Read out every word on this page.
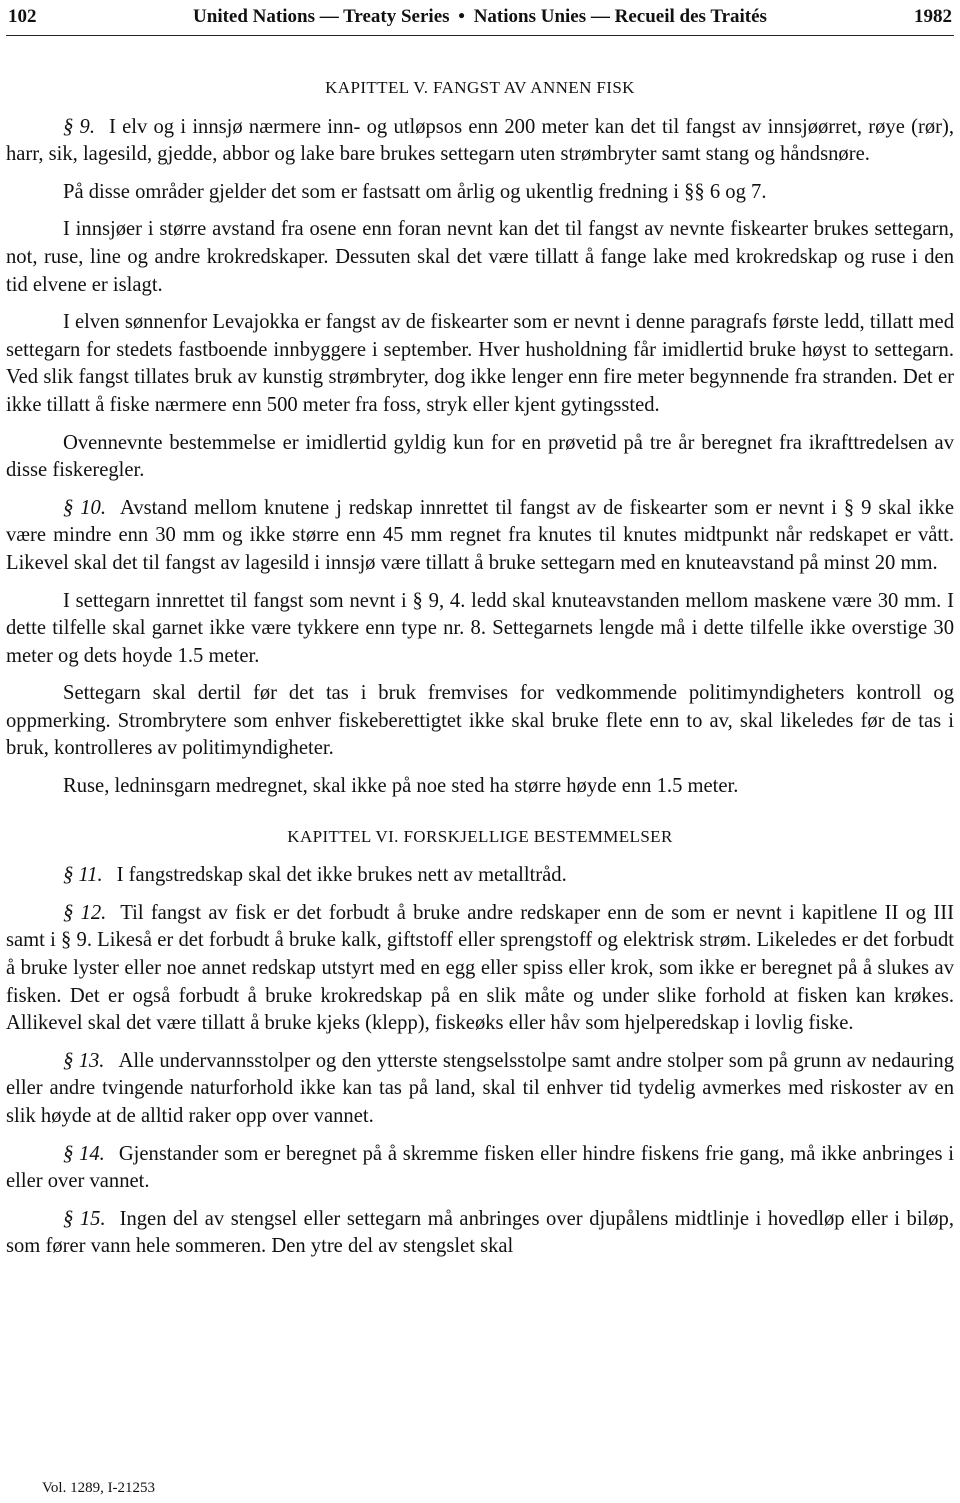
102	United Nations — Treaty Series • Nations Unies — Recueil des Traités	1982
KAPITTEL V. FANGST AV ANNEN FISK

§ 9. I elv og i innsjø nærmere inn- og utløpsos enn 200 meter kan det til fangst av innsjøørret, røye (rør), harr, sik, lagesild, gjedde, abbor og lake bare brukes settegarn uten strømbryter samt stang og håndsnøre.

På disse områder gjelder det som er fastsatt om årlig og ukentlig fredning i §§ 6 og 7.

I innsjøer i større avstand fra osene enn foran nevnt kan det til fangst av nevnte fiskearter brukes settegarn, not, ruse, line og andre krokredskaper. Dessuten skal det være tillatt å fange lake med krokredskap og ruse i den tid elvene er islagt.

I elven sønnenfor Levajokka er fangst av de fiskearter som er nevnt i denne paragrafs første ledd, tillatt med settegarn for stedets fastboende innbyggere i september. Hver husholdning får imidlertid bruke høyst to settegarn. Ved slik fangst tillates bruk av kunstig strømbryter, dog ikke lenger enn fire meter begynnende fra stranden. Det er ikke tillatt å fiske nærmere enn 500 meter fra foss, stryk eller kjent gytingssted.

Ovennevnte bestemmelse er imidlertid gyldig kun for en prøvetid på tre år beregnet fra ikrafttredelsen av disse fiskeregler.

§ 10. Avstand mellom knutene j redskap innrettet til fangst av de fiskearter som er nevnt i § 9 skal ikke være mindre enn 30 mm og ikke større enn 45 mm regnet fra knutes til knutes midtpunkt når redskapet er vått. Likevel skal det til fangst av lagesild i innsjø være tillatt å bruke settegarn med en knuteavstand på minst 20 mm.

I settegarn innrettet til fangst som nevnt i § 9, 4. ledd skal knuteavstanden mellom maskene være 30 mm. I dette tilfelle skal garnet ikke være tykkere enn type nr. 8. Settegarnets lengde må i dette tilfelle ikke overstige 30 meter og dets hoyde 1.5 meter.

Settegarn skal dertil før det tas i bruk fremvises for vedkommende politimyndigheters kontroll og oppmerking. Strombrytere som enhver fiskeberettigtet ikke skal bruke flete enn to av, skal likeledes før de tas i bruk, kontrolleres av politimyndigheter.

Ruse, ledninsgarn medregnet, skal ikke på noe sted ha større høyde enn 1.5 meter.

KAPITTEL VI. FORSKJELLIGE BESTEMMELSER

§ 11. I fangstredskap skal det ikke brukes nett av metalltråd.

§ 12. Til fangst av fisk er det forbudt å bruke andre redskaper enn de som er nevnt i kapitlene II og III samt i § 9. Likeså er det forbudt å bruke kalk, giftstoff eller sprengstoff og elektrisk strøm. Likeledes er det forbudt å bruke lyster eller noe annet redskap utstyrt med en egg eller spiss eller krok, som ikke er beregnet på å slukes av fisken. Det er også forbudt å bruke krokredskap på en slik måte og under slike forhold at fisken kan krøkes. Allikevel skal det være tillatt å bruke kjeks (klepp), fiskeøks eller håv som hjelperedskap i lovlig fiske.

§ 13. Alle undervannsstolper og den ytterste stengselsstolpe samt andre stolper som på grunn av nedauring eller andre tvingende naturforhold ikke kan tas på land, skal til enhver tid tydelig avmerkes med riskoster av en slik høyde at de alltid raker opp over vannet.

§ 14. Gjenstander som er beregnet på å skremme fisken eller hindre fiskens frie gang, må ikke anbringes i eller over vannet.

§ 15. Ingen del av stengsel eller settegarn må anbringes over djupålens midtlinje i hovedløp eller i biløp, som fører vann hele sommeren. Den ytre del av stengslet skal

Vol. 1289, I-21253
